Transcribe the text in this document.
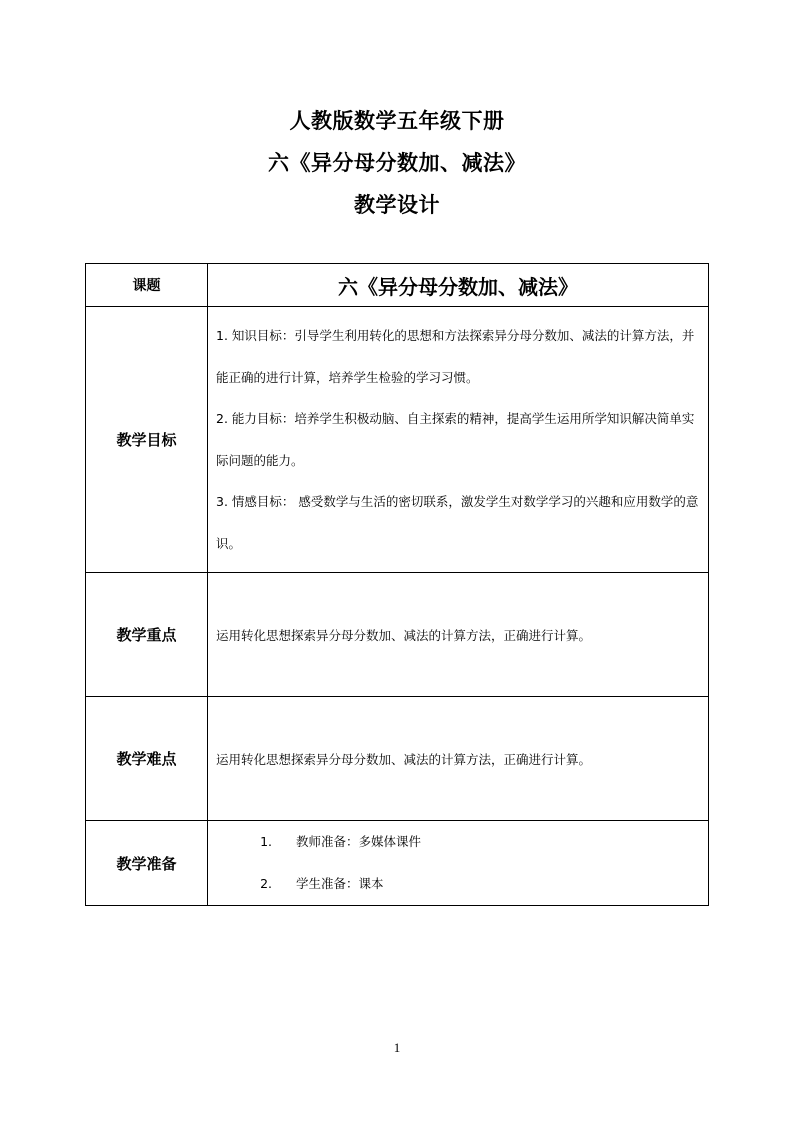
人教版数学五年级下册
六《异分母分数加、减法》
教学设计
课题	六《异分母分数加、减法》
教学目标	1. 知识目标：引导学生利用转化的思想和方法探索异分母分数加、减法的计算方法，并能正确的进行计算，培养学生检验的学习习惯。

2. 能力目标：培养学生积极动脑、自主探索的精神，提高学生运用所学知识解决简单实际问题的能力。

3. 情感目标： 感受数学与生活的密切联系，激发学生对数学学习的兴趣和应用数学的意识。

教学重点	运用转化思想探索异分母分数加、减法的计算方法，正确进行计算。

教学难点	运用转化思想探索异分母分数加、减法的计算方法，正确进行计算。

教学准备	1. 教师准备：多媒体课件
2. 学生准备：课本
1
